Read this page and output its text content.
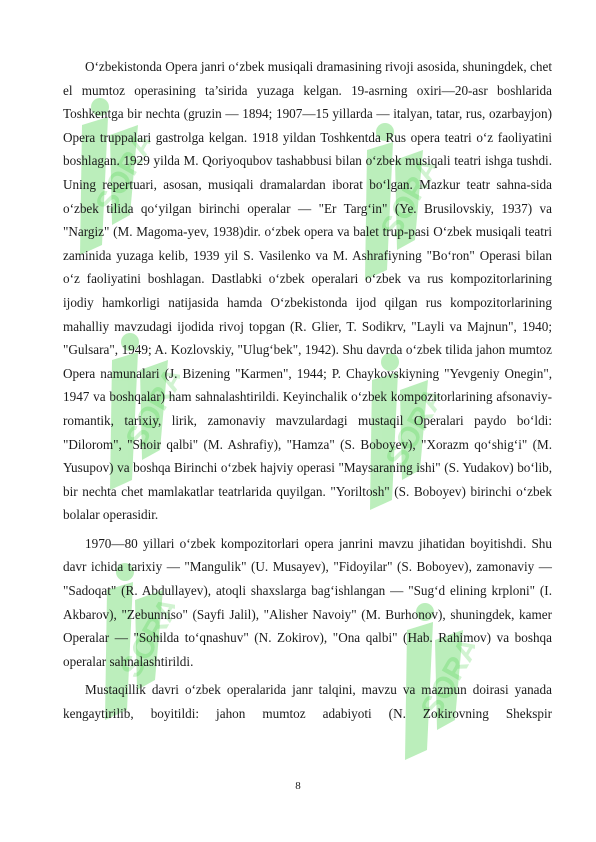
SORA	SORA
SORA	SORA
SORA	SORA

O‘zbekistonda Opera janri o‘zbek musiqali dramasining rivoji asosida, shuningdek, chet el mumtoz operasining ta’sirida yuzaga kelgan. 19-asrning oxiri—20-asr boshlarida Toshkentga bir nechta (gruzin — 1894; 1907—15 yillarda — italyan, tatar, rus, ozarbayjon) Opera truppalari gastrolga kelgan. 1918 yildan Toshkentda Rus opera teatri o‘z faoliyatini boshlagan. 1929 yilda M. Qoriyoqubov tashabbusi bilan o‘zbek musiqali teatri ishga tushdi. Uning repertuari, asosan, musiqali dramalardan iborat bo‘lgan. Mazkur teatr sahna-sida o‘zbek tilida qo‘yilgan birinchi operalar — "Er Targ‘in" (Ye. Brusilovskiy, 1937) va "Nargiz" (M. Magoma-yev, 1938)dir. o‘zbek opera va balet trup-pasi O‘zbek musiqali teatri zaminida yuzaga kelib, 1939 yil S. Vasilenko va M. Ashrafiyning "Bo‘ron" Operasi bilan o‘z faoliyatini boshlagan. Dastlabki o‘zbek operalari o‘zbek va rus kompozitorlarining ijodiy hamkorligi natijasida hamda O‘zbekistonda ijod qilgan rus kompozitorlarining mahalliy mavzudagi ijodida rivoj topgan (R. Glier, T. Sodikrv, "Layli va Majnun", 1940; "Gulsara", 1949; A. Kozlovskiy, "Ulug‘bek", 1942). Shu davrda o‘zbek tilida jahon mumtoz Opera namunalari (J. Bizening "Karmen", 1944; P. Chaykovskiyning "Yevgeniy Onegin", 1947 va boshqalar) ham sahnalashtirildi. Keyinchalik o‘zbek kompozitorlarining afsonaviy-romantik, tarixiy, lirik, zamonaviy mavzulardagi mustaqil Operalari paydo bo‘ldi: "Dilorom", "Shoir qalbi" (M. Ashrafiy), "Hamza" (S. Boboyev), "Xorazm qo‘shig‘i" (M. Yusupov) va boshqa Birinchi o‘zbek hajviy operasi "Maysaraning ishi" (S. Yudakov) bo‘lib, bir nechta chet mamlakatlar teatrlarida quyilgan. "Yoriltosh" (S. Boboyev) birinchi o‘zbek bolalar operasidir.

1970—80 yillari o‘zbek kompozitorlari opera janrini mavzu jihatidan boyitishdi. Shu davr ichida tarixiy — "Mangulik" (U. Musayev), "Fidoyilar" (S. Boboyev), zamonaviy — "Sadoqat" (R. Abdullayev), atoqli shaxslarga bag‘ishlangan — "Sug‘d elining krploni" (I. Akbarov), "Zebunniso" (Sayfi Jalil), "Alisher Navoiy" (M. Burhonov), shuningdek, kamer Operalar — "Sohilda to‘qnashuv" (N. Zokirov), "Ona qalbi" (Hab. Rahimov) va boshqa operalar sahnalashtirildi.

Mustaqillik davri o‘zbek operalarida janr talqini, mavzu va mazmun doirasi yanada kengaytirilib, boyitildi: jahon mumtoz adabiyoti (N. Zokirovning Shekspir

8
